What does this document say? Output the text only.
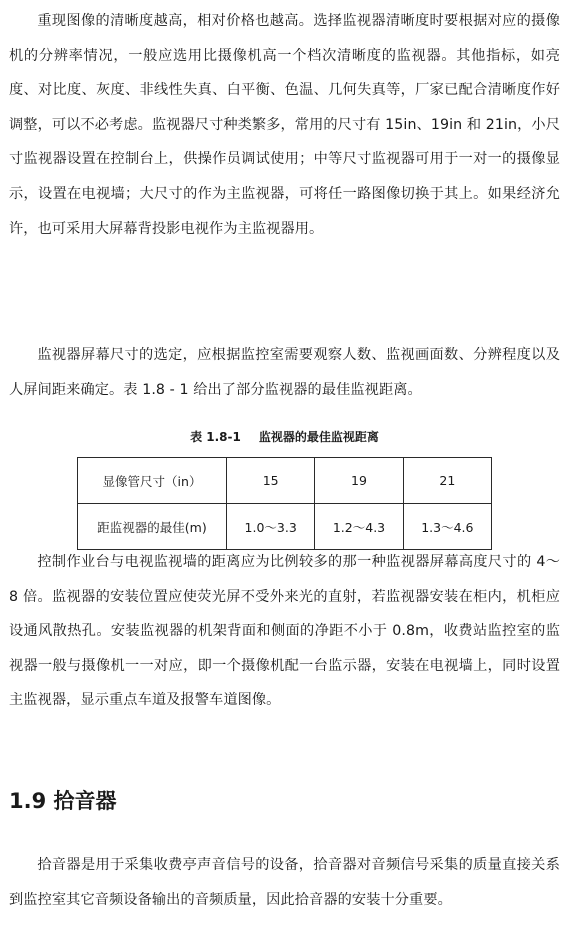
重现图像的清晰度越高，相对价格也越高。选择监视器清晰度时要根据对应的摄像机的分辨率情况，一般应选用比摄像机高一个档次清晰度的监视器。其他指标，如亮度、对比度、灰度、非线性失真、白平衡、色温、几何失真等，厂家已配合清晰度作好调整，可以不必考虑。监视器尺寸种类繁多，常用的尺寸有 15in、19in 和 21in，小尺寸监视器设置在控制台上，供操作员调试使用；中等尺寸监视器可用于一对一的摄像显示，设置在电视墙；大尺寸的作为主监视器，可将任一路图像切换于其上。如果经济允许，也可采用大屏幕背投影电视作为主监视器用。

监视器屏幕尺寸的选定，应根据监控室需要观察人数、监视画面数、分辨程度以及人屏间距来确定。表 1.8 - 1 给出了部分监视器的最佳监视距离。

表 1.8-1 监视器的最佳监视距离
显像管尺寸（in）	15	19	21
距监视器的最佳(m)	1.0～3.3	1.2～4.3	1.3～4.6

控制作业台与电视监视墙的距离应为比例较多的那一种监视器屏幕高度尺寸的 4～8 倍。监视器的安装位置应使荧光屏不受外来光的直射，若监视器安装在柜内，机柜应设通风散热孔。安装监视器的机架背面和侧面的净距不小于 0.8m，收费站监控室的监视器一般与摄像机一一对应，即一个摄像机配一台监示器，安装在电视墙上，同时设置主监视器，显示重点车道及报警车道图像。

1.9 拾音器

拾音器是用于采集收费亭声音信号的设备，拾音器对音频信号采集的质量直接关系到监控室其它音频设备输出的音频质量，因此拾音器的安装十分重要。
